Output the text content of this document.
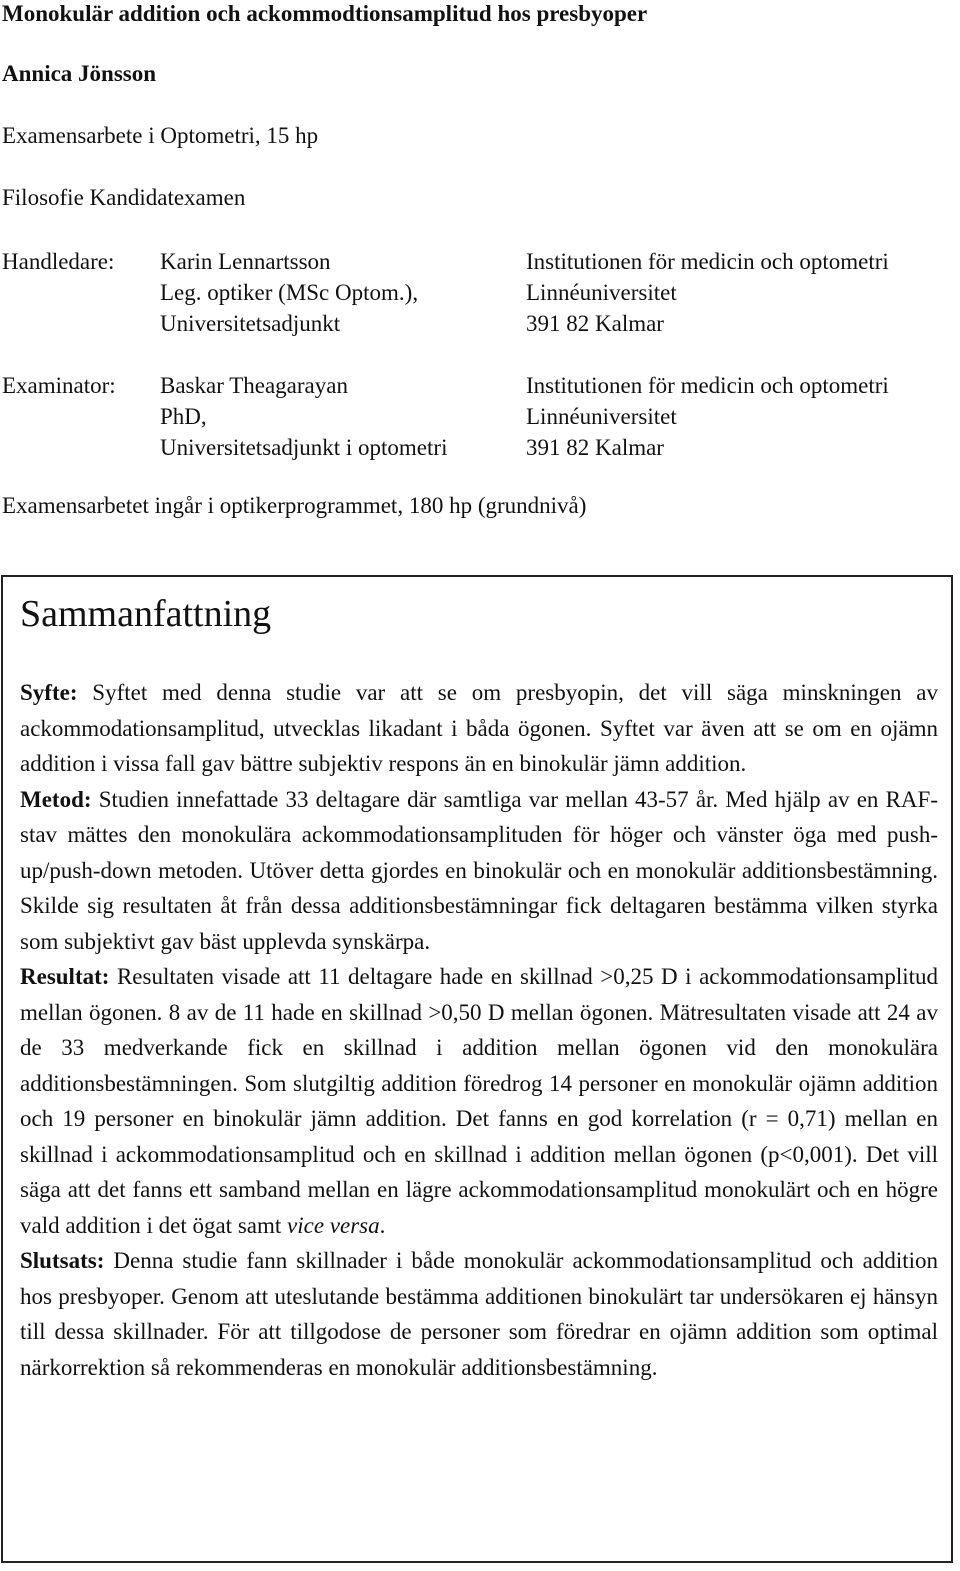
Monokulär addition och ackommodtionsamplitud hos presbyoper
Annica Jönsson
Examensarbete i Optometri, 15 hp
Filosofie Kandidatexamen
Handledare: Karin Lennartsson
Leg. optiker (MSc Optom.),
Universitetsadjunkt
Institutionen för medicin och optometri
Linnéuniversitet
391 82 Kalmar
Examinator: Baskar Theagarayan
PhD,
Universitetsadjunkt i optometri
Institutionen för medicin och optometri
Linnéuniversitet
391 82 Kalmar
Examensarbetet ingår i optikerprogrammet, 180 hp (grundnivå)
Sammanfattning

Syfte: Syftet med denna studie var att se om presbyopin, det vill säga minskningen av ackommodationsamplitud, utvecklas likadant i båda ögonen. Syftet var även att se om en ojämn addition i vissa fall gav bättre subjektiv respons än en binokulär jämn addition.

Metod: Studien innefattade 33 deltagare där samtliga var mellan 43-57 år. Med hjälp av en RAF-stav mättes den monokulära ackommodationsamplituden för höger och vänster öga med push-up/push-down metoden. Utöver detta gjordes en binokulär och en monokulär additionsbestämning. Skilde sig resultaten åt från dessa additionsbestämningar fick deltagaren bestämma vilken styrka som subjektivt gav bäst upplevda synskärpa.

Resultat: Resultaten visade att 11 deltagare hade en skillnad >0,25 D i ackommodationsamplitud mellan ögonen. 8 av de 11 hade en skillnad >0,50 D mellan ögonen. Mätresultaten visade att 24 av de 33 medverkande fick en skillnad i addition mellan ögonen vid den monokulära additionsbestämningen. Som slutgiltig addition föredrog 14 personer en monokulär ojämn addition och 19 personer en binokulär jämn addition. Det fanns en god korrelation (r = 0,71) mellan en skillnad i ackommodationsamplitud och en skillnad i addition mellan ögonen (p<0,001). Det vill säga att det fanns ett samband mellan en lägre ackommodationsamplitud monokulärt och en högre vald addition i det ögat samt vice versa.

Slutsats: Denna studie fann skillnader i både monokulär ackommodationsamplitud och addition hos presbyoper. Genom att uteslutande bestämma additionen binokulärt tar undersökaren ej hänsyn till dessa skillnader. För att tillgodose de personer som föredrar en ojämn addition som optimal närkorrektion så rekommenderas en monokulär additionsbestämning.
